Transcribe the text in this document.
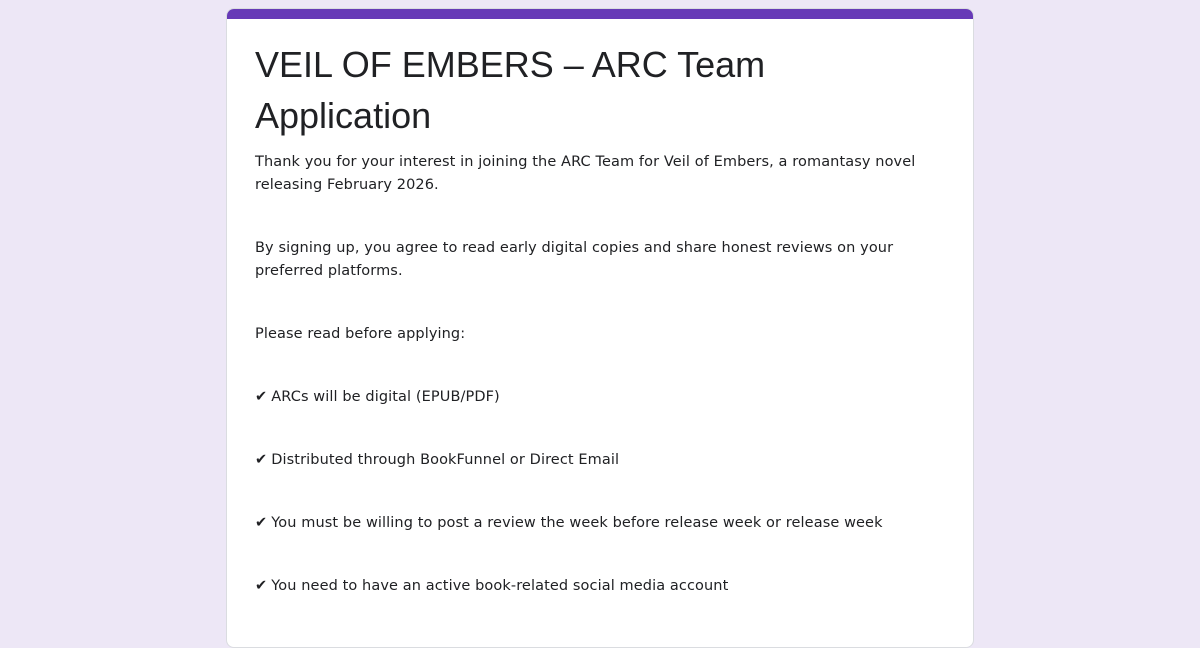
VEIL OF EMBERS – ARC Team Application

Thank you for your interest in joining the ARC Team for Veil of Embers, a romantasy novel releasing February 2026.

By signing up, you agree to read early digital copies and share honest reviews on your preferred platforms.

Please read before applying:

✔ ARCs will be digital (EPUB/PDF)

✔ Distributed through BookFunnel or Direct Email

✔ You must be willing to post a review the week before release week or release week

✔ You need to have an active book-related social media account
